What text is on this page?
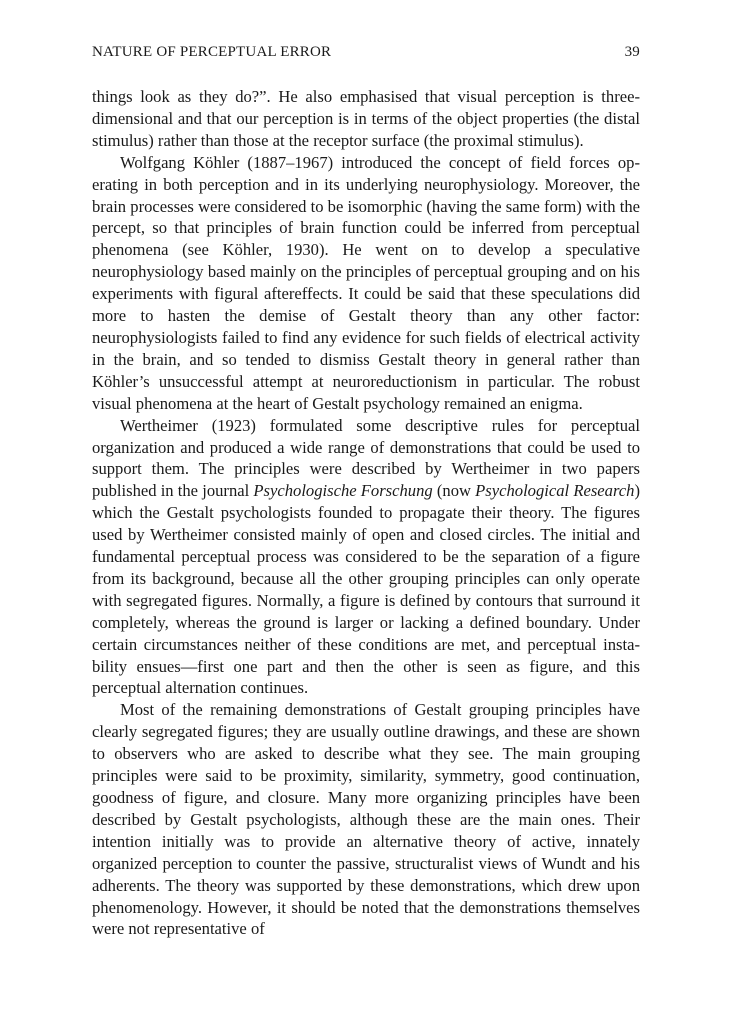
NATURE OF PERCEPTUAL ERROR	39

things look as they do?”. He also emphasised that visual perception is three-dimensional and that our perception is in terms of the object properties (the distal stimulus) rather than those at the receptor surface (the proximal stimulus).

Wolfgang Köhler (1887–1967) introduced the concept of field forces operating in both perception and in its underlying neurophysiology. Moreover, the brain processes were considered to be isomorphic (having the same form) with the percept, so that principles of brain function could be inferred from perceptual phenomena (see Köhler, 1930). He went on to develop a speculative neurophysiology based mainly on the principles of perceptual grouping and on his experiments with figural aftereffects. It could be said that these speculations did more to hasten the demise of Gestalt theory than any other factor: neurophysiologists failed to find any evidence for such fields of electrical activity in the brain, and so tended to dismiss Gestalt theory in general rather than Köhler’s unsuccessful attempt at neuroreductionism in particular. The robust visual phenomena at the heart of Gestalt psychology remained an enigma.

Wertheimer (1923) formulated some descriptive rules for perceptual organization and produced a wide range of demonstrations that could be used to support them. The principles were described by Wertheimer in two papers published in the journal Psychologische Forschung (now Psychological Research) which the Gestalt psychologists founded to propagate their theory. The figures used by Wertheimer consisted mainly of open and closed circles. The initial and fundamental perceptual process was considered to be the separation of a figure from its background, because all the other grouping principles can only operate with segregated figures. Normally, a figure is defined by contours that surround it completely, whereas the ground is larger or lacking a defined boundary. Under certain circumstances neither of these conditions are met, and perceptual instability ensues—first one part and then the other is seen as figure, and this perceptual alternation continues.

Most of the remaining demonstrations of Gestalt grouping principles have clearly segregated figures; they are usually outline drawings, and these are shown to observers who are asked to describe what they see. The main grouping principles were said to be proximity, similarity, symmetry, good continuation, goodness of figure, and closure. Many more organizing principles have been described by Gestalt psychologists, although these are the main ones. Their intention initially was to provide an alternative theory of active, innately organized perception to counter the passive, structuralist views of Wundt and his adherents. The theory was supported by these demonstrations, which drew upon phenomenology. However, it should be noted that the demonstrations themselves were not representative of
